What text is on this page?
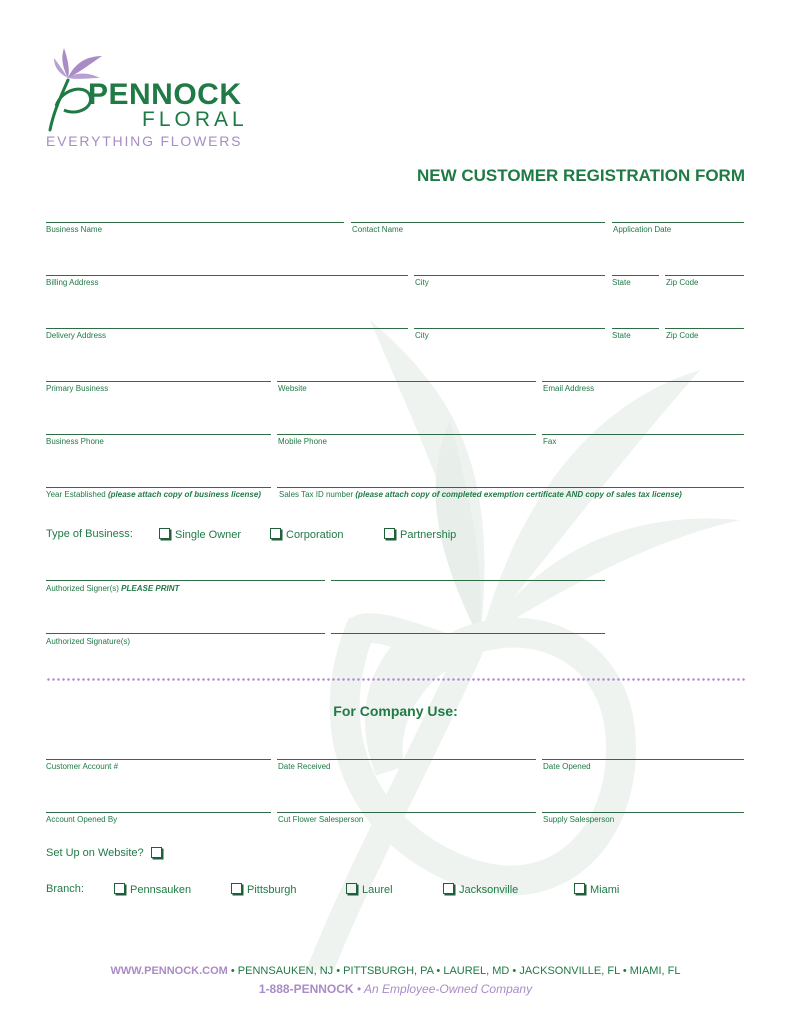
PENNOCK
FLORAL
EVERYTHING FLOWERS
NEW CUSTOMER REGISTRATION FORM
Business Name	Contact Name	Application Date
Billing Address	City	State	Zip Code
Delivery Address	City	State	Zip Code
Primary Business	Website	Email Address
Business Phone	Mobile Phone	Fax
Year Established (please attach copy of business license) Sales Tax ID number (please attach copy of completed exemption certificate AND copy of sales tax license)
Type of Business:	Single Owner	Corporation	Partnership
Authorized Signer(s) PLEASE PRINT
Authorized Signature(s)
For Company Use:
Customer Account #	Date Received	Date Opened
Account Opened By	Cut Flower Salesperson	Supply Salesperson
Set Up on Website?
Branch:	Pennsauken	Pittsburgh	Laurel	Jacksonville	Miami
WWW.PENNOCK.COM • PENNSAUKEN, NJ • PITTSBURGH, PA • LAUREL, MD • JACKSONVILLE, FL • MIAMI, FL
1-888-PENNOCK • An Employee-Owned Company
